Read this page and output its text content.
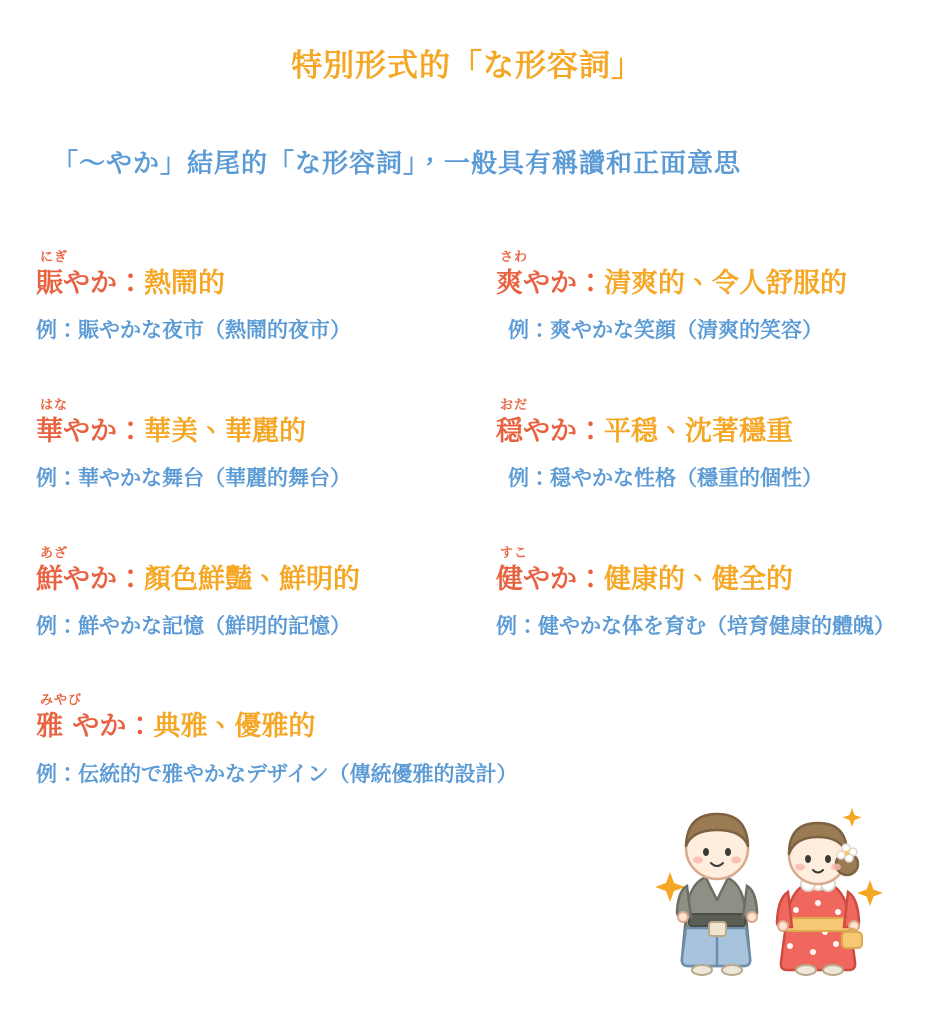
特別形式的「な形容詞」
「〜やか」結尾的「な形容詞」，一般具有稱讚和正面意思
にぎ
賑やか：熱鬧的
例：賑やかな夜市（熱鬧的夜市）
さわ
爽やか：清爽的、令人舒服的
例：爽やかな笑顔（清爽的笑容）
はな
華やか：華美、華麗的
例：華やかな舞台（華麗的舞台）
おだ
穏やか：平穏、沈著穩重
例：穏やかな性格（穩重的個性）
あざ
鮮やか：顏色鮮豔、鮮明的
例：鮮やかな記憶（鮮明的記憶）
すこ
健やか：健康的、健全的
例：健やかな体を育む（培育健康的體魄）
みやび
雅 やか：典雅、優雅的
例：伝統的で雅やかなデザイン（傳統優雅的設計）
